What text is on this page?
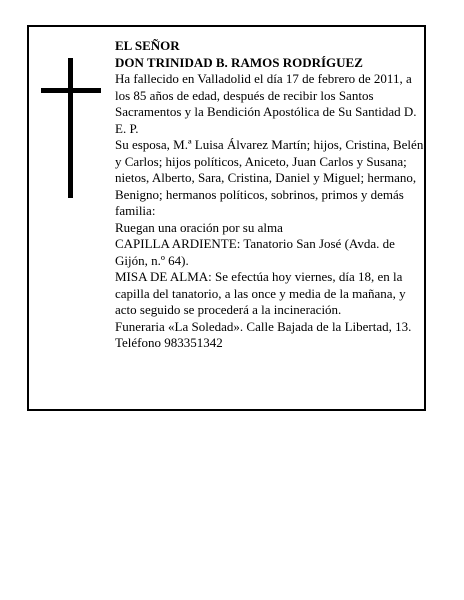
EL SEÑOR

DON TRINIDAD B. RAMOS RODRÍGUEZ

Ha fallecido en Valladolid el día 17 de febrero de 2011, a los 85 años de edad, después de recibir los Santos Sacramentos y la Bendición Apostólica de Su Santidad D. E. P.

Su esposa, M.ª Luisa Álvarez Martín; hijos, Cristina, Belén y Carlos; hijos políticos, Aniceto, Juan Carlos y Susana; nietos, Alberto, Sara, Cristina, Daniel y Miguel; hermano, Benigno; hermanos políticos, sobrinos, primos y demás familia:

Ruegan una oración por su alma

CAPILLA ARDIENTE: Tanatorio San José (Avda. de Gijón, n.º 64).

MISA DE ALMA: Se efectúa hoy viernes, día 18, en la capilla del tanatorio, a las once y media de la mañana, y acto seguido se procederá a la incineración.

Funeraria «La Soledad». Calle Bajada de la Libertad, 13.

Teléfono 983351342
